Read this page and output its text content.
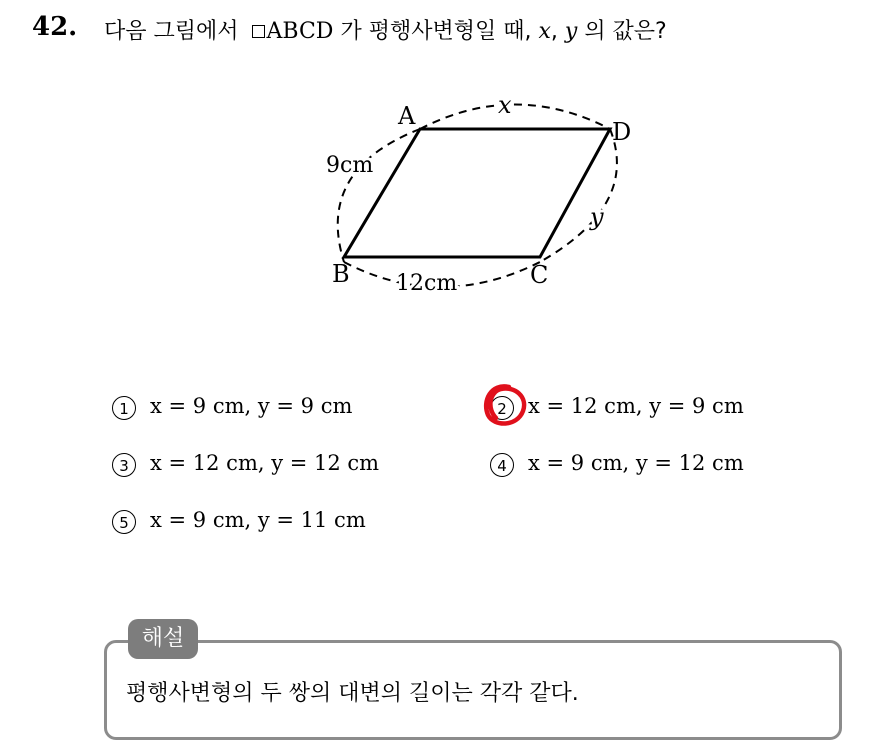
42. 다음 그림에서 ABCD 가 평행사변형일 때, x, y 의 값은?
A
D
B	C
9cm
12cm
x
y
1 x = 9 cm, y = 9 cm	2 x = 12 cm, y = 9 cm
3 x = 12 cm, y = 12 cm	4 x = 9 cm, y = 12 cm
5 x = 9 cm, y = 11 cm
해설
평행사변형의 두 쌍의 대변의 길이는 각각 같다.
